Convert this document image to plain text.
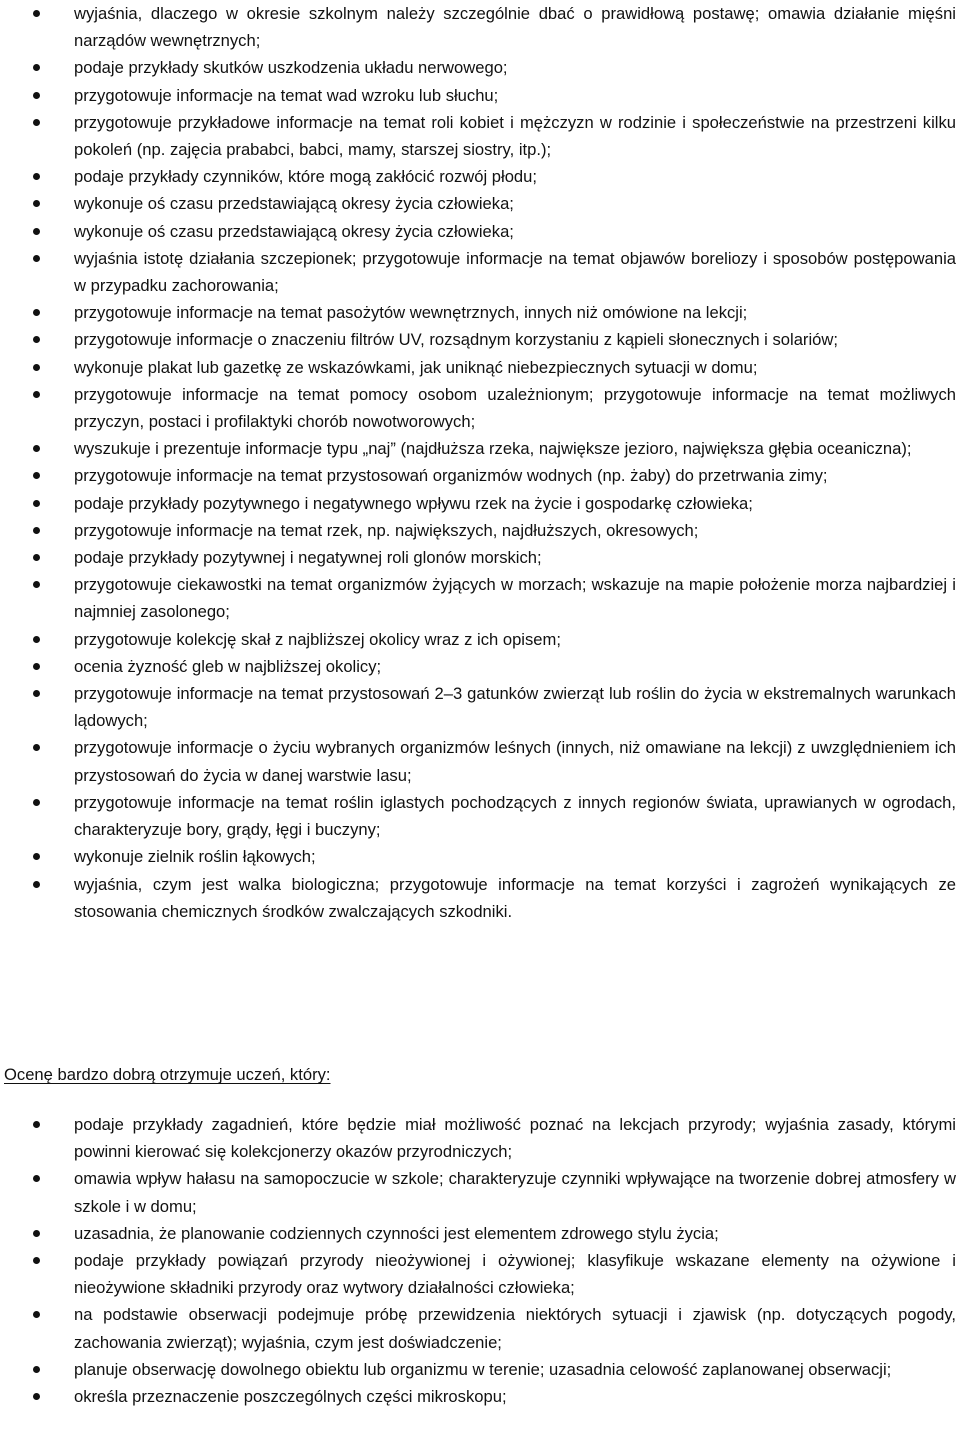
wyjaśnia, dlaczego w okresie szkolnym należy szczególnie dbać o prawidłową postawę; omawia działanie mięśni narządów wewnętrznych;
podaje przykłady skutków uszkodzenia układu nerwowego;
przygotowuje informacje na temat wad wzroku lub słuchu;
przygotowuje przykładowe informacje na temat roli kobiet i mężczyzn w rodzinie i społeczeństwie na przestrzeni kilku pokoleń (np. zajęcia prababci, babci, mamy, starszej siostry, itp.);
podaje przykłady czynników, które mogą zakłócić rozwój płodu;
wykonuje oś czasu przedstawiającą okresy życia człowieka;
wykonuje oś czasu przedstawiającą okresy życia człowieka;
wyjaśnia istotę działania szczepionek; przygotowuje informacje na temat objawów boreliozy i sposobów postępowania w przypadku zachorowania;
przygotowuje informacje na temat pasożytów wewnętrznych, innych niż omówione na lekcji;
przygotowuje informacje o znaczeniu filtrów UV, rozsądnym korzystaniu z kąpieli słonecznych i solariów;
wykonuje plakat lub gazetkę ze wskazówkami, jak uniknąć niebezpiecznych sytuacji w domu;
przygotowuje informacje na temat pomocy osobom uzależnionym; przygotowuje informacje na temat możliwych przyczyn, postaci i profilaktyki chorób nowotworowych;
wyszukuje i prezentuje informacje typu „naj” (najdłuższa rzeka, największe jezioro, największa głębia oceaniczna);
przygotowuje informacje na temat przystosowań organizmów wodnych (np. żaby) do przetrwania zimy;
podaje przykłady pozytywnego i negatywnego wpływu rzek na życie i gospodarkę człowieka;
przygotowuje informacje na temat rzek, np. największych, najdłuższych, okresowych;
podaje przykłady pozytywnej i negatywnej roli glonów morskich;
przygotowuje ciekawostki na temat organizmów żyjących w morzach; wskazuje na mapie położenie morza najbardziej i najmniej zasolonego;
przygotowuje kolekcję skał z najbliższej okolicy wraz z ich opisem;
ocenia żyzność gleb w najbliższej okolicy;
przygotowuje informacje na temat przystosowań 2–3 gatunków zwierząt lub roślin do życia w ekstremalnych warunkach lądowych;
przygotowuje informacje o życiu wybranych organizmów leśnych (innych, niż omawiane na lekcji) z uwzględnieniem ich przystosowań do życia w danej warstwie lasu;
przygotowuje informacje na temat roślin iglastych pochodzących z innych regionów świata, uprawianych w ogrodach, charakteryzuje bory, grądy, łęgi i buczyny;
wykonuje zielnik roślin łąkowych;
wyjaśnia, czym jest walka biologiczna; przygotowuje informacje na temat korzyści i zagrożeń wynikających ze stosowania chemicznych środków zwalczających szkodniki.
Ocenę bardzo dobrą otrzymuje uczeń, który:
podaje przykłady zagadnień, które będzie miał możliwość poznać na lekcjach przyrody; wyjaśnia zasady, którymi powinni kierować się kolekcjonerzy okazów przyrodniczych;
omawia wpływ hałasu na samopoczucie w szkole; charakteryzuje czynniki wpływające na tworzenie dobrej atmosfery w szkole i w domu;
uzasadnia, że planowanie codziennych czynności jest elementem zdrowego stylu życia;
podaje przykłady powiązań przyrody nieożywionej i ożywionej; klasyfikuje wskazane elementy na ożywione i nieożywione składniki przyrody oraz wytwory działalności człowieka;
na podstawie obserwacji podejmuje próbę przewidzenia niektórych sytuacji i zjawisk (np. dotyczących pogody, zachowania zwierząt); wyjaśnia, czym jest doświadczenie;
planuje obserwację dowolnego obiektu lub organizmu w terenie; uzasadnia celowość zaplanowanej obserwacji;
określa przeznaczenie poszczególnych części mikroskopu;
